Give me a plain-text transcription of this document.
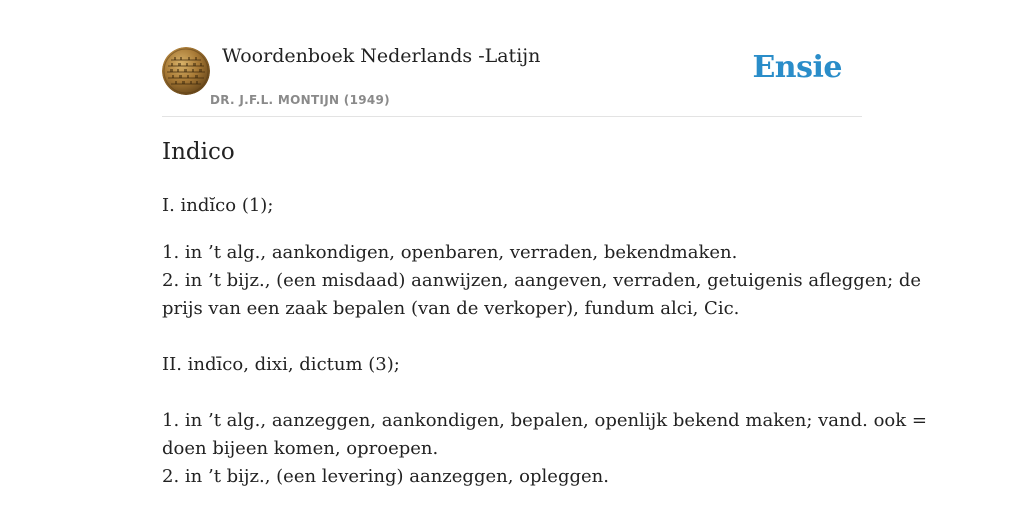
Woordenboek Nederlands -Latijn
DR. J.F.L. MONTIJN (1949)
Ensie
Indico
I. indĭco (1);
1. in ’t alg., aankondigen, openbaren, verraden, bekendmaken.
2. in ’t bijz., (een misdaad) aanwijzen, aangeven, verraden, getuigenis afleggen; de
prijs van een zaak bepalen (van de verkoper), fundum alci, Cic.
II. indīco, dixi, dictum (3);
1. in ’t alg., aanzeggen, aankondigen, bepalen, openlijk bekend maken; vand. ook =
doen bijeen komen, oproepen.
2. in ’t bijz., (een levering) aanzeggen, opleggen.
